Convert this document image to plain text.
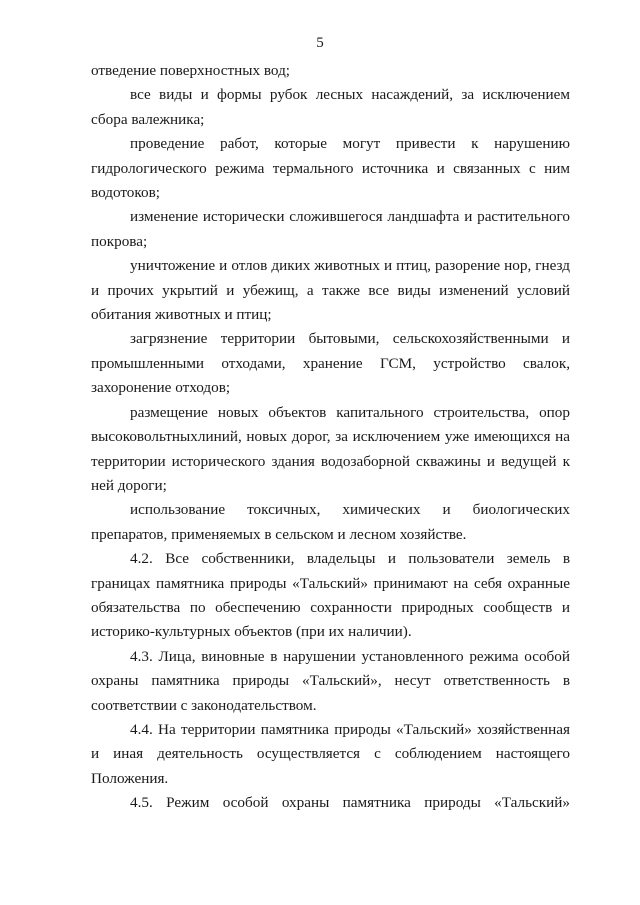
5

отведение поверхностных вод;

все виды и формы рубок лесных насаждений, за исключением сбора валежника;

проведение работ, которые могут привести к нарушению гидрологического режима термального источника и связанных с ним водотоков;

изменение исторически сложившегося ландшафта и растительного покрова;

уничтожение и отлов диких животных и птиц, разорение нор, гнезд и прочих укрытий и убежищ, а также все виды изменений условий обитания животных и птиц;

загрязнение территории бытовыми, сельскохозяйственными и промышленными отходами, хранение ГСМ, устройство свалок, захоронение отходов;

размещение новых объектов капитального строительства, опор высоковольтныхлиний, новых дорог, за исключением уже имеющихся на территории исторического здания водозаборной скважины и ведущей к ней дороги;

использование токсичных, химических и биологических препаратов, применяемых в сельском и лесном хозяйстве.

4.2. Все собственники, владельцы и пользователи земель в границах памятника природы «Тальский» принимают на себя охранные обязательства по обеспечению сохранности природных сообществ и историко-культурных объектов (при их наличии).

4.3. Лица, виновные в нарушении установленного режима особой охраны памятника природы «Тальский», несут ответственность в соответствии с законодательством.

4.4. На территории памятника природы «Тальский» хозяйственная и иная деятельность осуществляется с соблюдением настоящего Положения.

4.5. Режим особой охраны памятника природы «Тальский»
